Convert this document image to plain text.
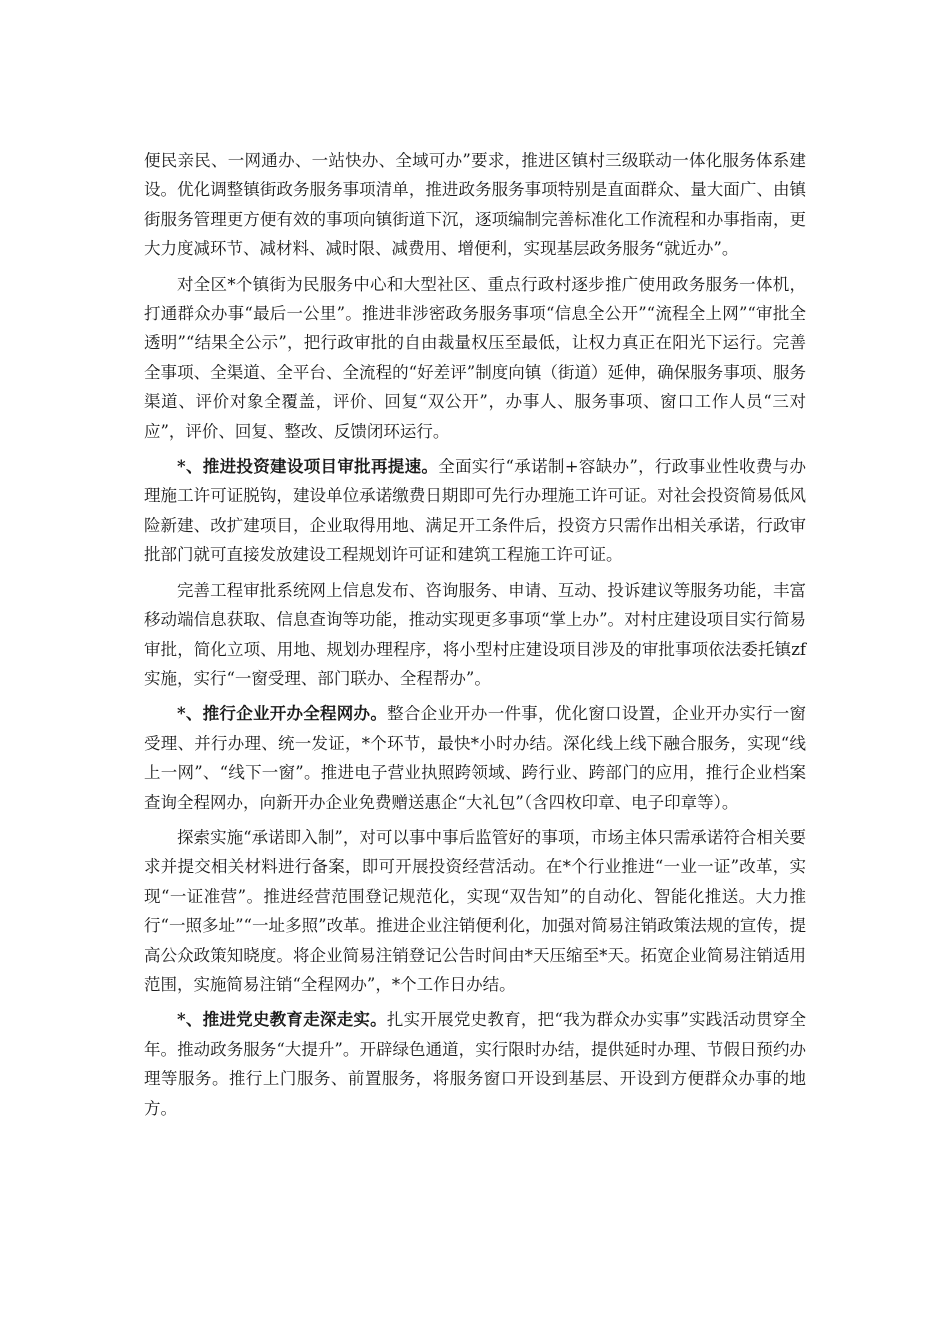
便民亲民、一网通办、一站快办、全域可办”要求，推进区镇村三级联动一体化服务体系建设。优化调整镇街政务服务事项清单，推进政务服务事项特别是直面群众、量大面广、由镇街服务管理更方便有效的事项向镇街道下沉，逐项编制完善标准化工作流程和办事指南，更大力度减环节、减材料、减时限、减费用、增便利，实现基层政务服务“就近办”。

对全区*个镇街为民服务中心和大型社区、重点行政村逐步推广使用政务服务一体机，打通群众办事“最后一公里”。推进非涉密政务服务事项“信息全公开”“流程全上网”“审批全透明”“结果全公示”，把行政审批的自由裁量权压至最低，让权力真正在阳光下运行。完善全事项、全渠道、全平台、全流程的“好差评”制度向镇（街道）延伸，确保服务事项、服务渠道、评价对象全覆盖，评价、回复“双公开”，办事人、服务事项、窗口工作人员“三对应”，评价、回复、整改、反馈闭环运行。

*、推进投资建设项目审批再提速。全面实行“承诺制+容缺办”，行政事业性收费与办理施工许可证脱钩，建设单位承诺缴费日期即可先行办理施工许可证。对社会投资简易低风险新建、改扩建项目，企业取得用地、满足开工条件后，投资方只需作出相关承诺，行政审批部门就可直接发放建设工程规划许可证和建筑工程施工许可证。

完善工程审批系统网上信息发布、咨询服务、申请、互动、投诉建议等服务功能，丰富移动端信息获取、信息查询等功能，推动实现更多事项“掌上办”。对村庄建设项目实行简易审批，简化立项、用地、规划办理程序，将小型村庄建设项目涉及的审批事项依法委托镇zf实施，实行“一窗受理、部门联办、全程帮办”。

*、推行企业开办全程网办。整合企业开办一件事，优化窗口设置，企业开办实行一窗受理、并行办理、统一发证，*个环节，最快*小时办结。深化线上线下融合服务，实现“线上一网”、“线下一窗”。推进电子营业执照跨领域、跨行业、跨部门的应用，推行企业档案查询全程网办，向新开办企业免费赠送惠企“大礼包”（含四枚印章、电子印章等）。

探索实施“承诺即入制”，对可以事中事后监管好的事项，市场主体只需承诺符合相关要求并提交相关材料进行备案，即可开展投资经营活动。在*个行业推进“一业一证”改革，实现“一证准营”。推进经营范围登记规范化，实现“双告知”的自动化、智能化推送。大力推行“一照多址”“一址多照”改革。推进企业注销便利化，加强对简易注销政策法规的宣传，提高公众政策知晓度。将企业简易注销登记公告时间由*天压缩至*天。拓宽企业简易注销适用范围，实施简易注销“全程网办”，*个工作日办结。

*、推进党史教育走深走实。扎实开展党史教育，把“我为群众办实事”实践活动贯穿全年。推动政务服务“大提升”。开辟绿色通道，实行限时办结，提供延时办理、节假日预约办理等服务。推行上门服务、前置服务，将服务窗口开设到基层、开设到方便群众办事的地方。
